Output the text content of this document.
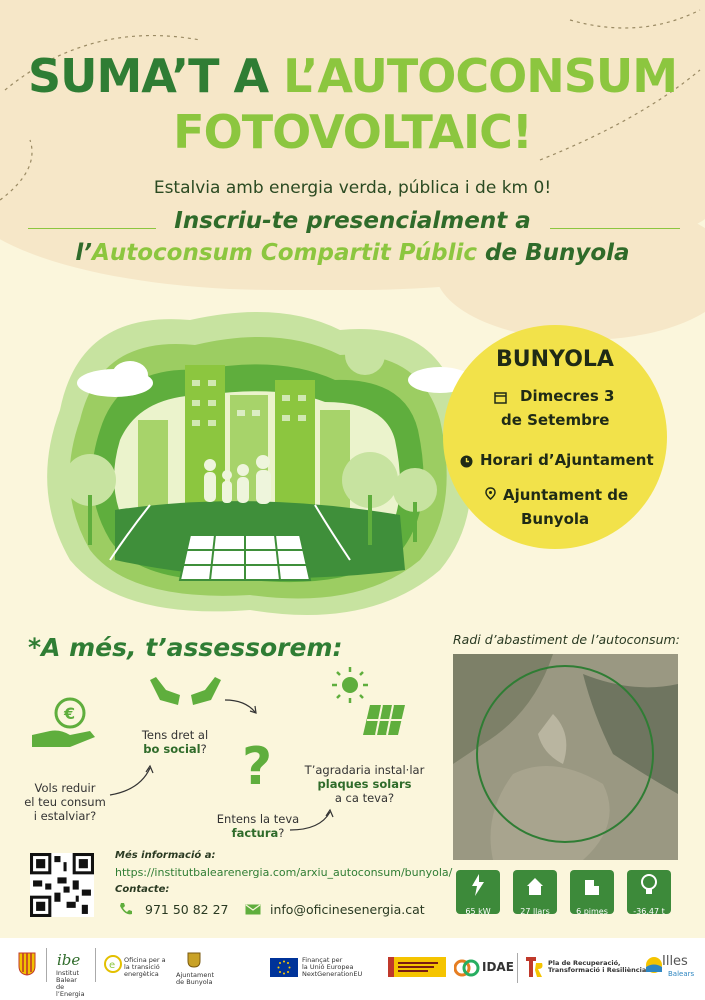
SUMA’T A L’AUTOCONSUM
FOTOVOLTAIC!
Estalvia amb energia verda, pública i de km 0!
Inscriu-te presencialment a
l’Autoconsum Compartit Públic de Bunyola
BUNYOLA
Dimecres 3
de Setembre
Horari d’Ajuntament
Ajuntament de
Bunyola
*A més, t’assessorem:
€
?
Vols reduir
el teu consum
i estalviar?
Tens dret al
bo social?
Entens la teva
factura?
T’agradaria instal·lar
plaques solars
a ca teva?
Radi d’abastiment de l’autoconsum:
65 kW	27 llars	6 pimes	-36,47 t
Més informació a:
https://institutbalearenergia.com/arxiu_autoconsum/bunyola/
Contacte:
971 50 82 27	info@oficinesenergia.cat
ibe
Institut Balear de l’Energia
e Oficina per a la transició energètica	Ajuntament de Bunyola
Finançat per
la Unió Europea
NextGenerationEU	IDAE	Pla de Recuperació,
Transformació i Resiliència
Illes
Balears
